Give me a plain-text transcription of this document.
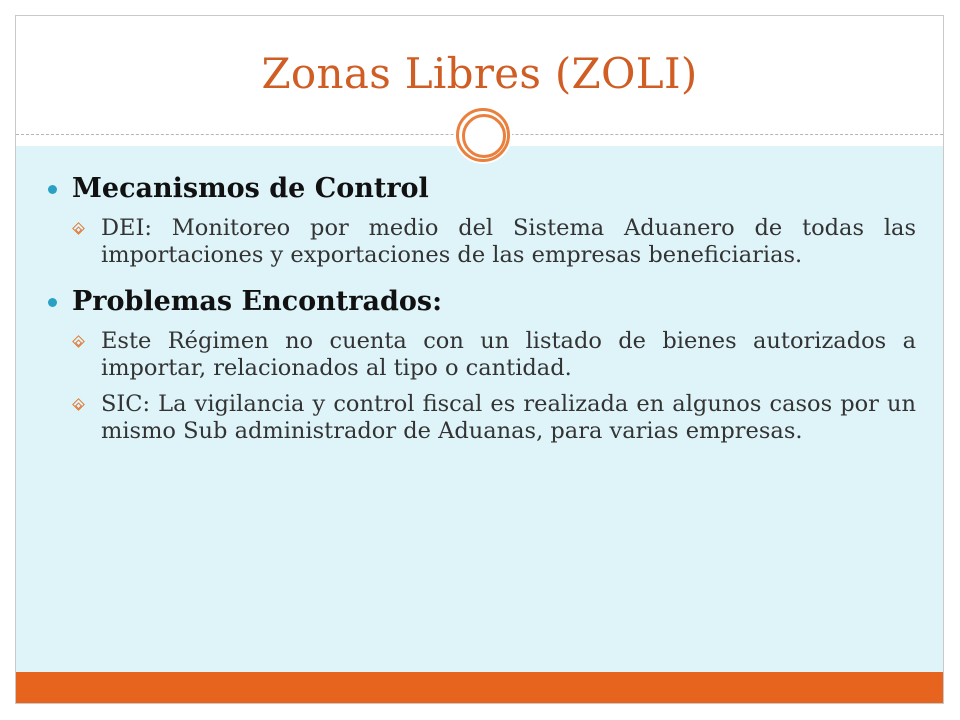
Zonas Libres (ZOLI)
Mecanismos de Control
DEI: Monitoreo por medio del Sistema Aduanero de todas las importaciones y exportaciones de las empresas beneficiarias.
Problemas Encontrados:
Este Régimen no cuenta con un listado de bienes autorizados a importar, relacionados al tipo o cantidad.
SIC: La vigilancia y control fiscal es realizada en algunos casos por un mismo Sub administrador de Aduanas, para varias empresas.
